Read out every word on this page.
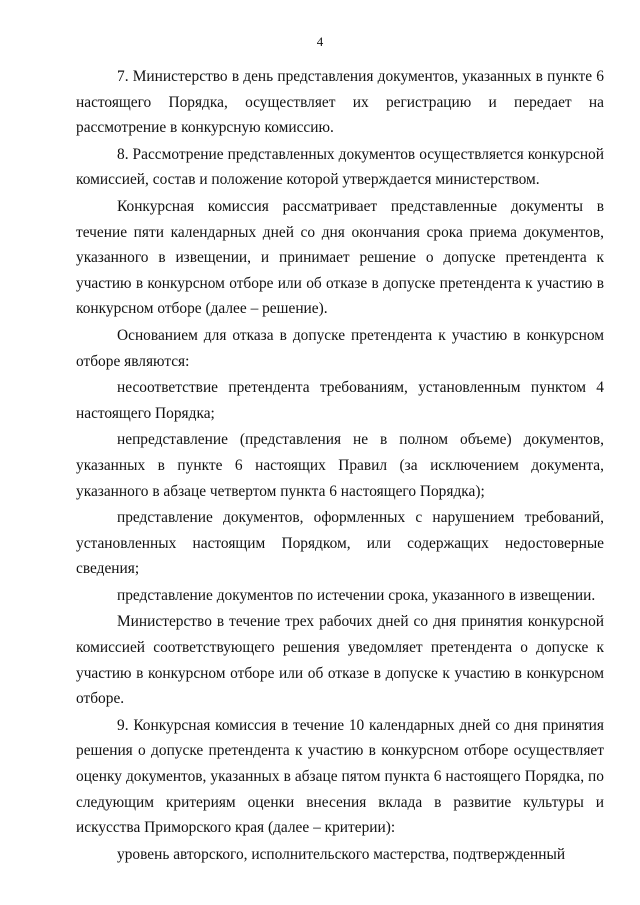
4

7. Министерство в день представления документов, указанных в пункте 6 настоящего Порядка, осуществляет их регистрацию и передает на рассмотрение в конкурсную комиссию.

8. Рассмотрение представленных документов осуществляется конкурсной комиссией, состав и положение которой утверждается министерством.

Конкурсная комиссия рассматривает представленные документы в течение пяти календарных дней со дня окончания срока приема документов, указанного в извещении, и принимает решение о допуске претендента к участию в конкурсном отборе или об отказе в допуске претендента к участию в конкурсном отборе (далее – решение).

Основанием для отказа в допуске претендента к участию в конкурсном отборе являются:

несоответствие претендента требованиям, установленным пунктом 4 настоящего Порядка;

непредставление (представления не в полном объеме) документов, указанных в пункте 6 настоящих Правил (за исключением документа, указанного в абзаце четвертом пункта 6 настоящего Порядка);

представление документов, оформленных с нарушением требований, установленных настоящим Порядком, или содержащих недостоверные сведения;

представление документов по истечении срока, указанного в извещении.

Министерство в течение трех рабочих дней со дня принятия конкурсной комиссией соответствующего решения уведомляет претендента о допуске к участию в конкурсном отборе или об отказе в допуске к участию в конкурсном отборе.

9. Конкурсная комиссия в течение 10 календарных дней со дня принятия решения о допуске претендента к участию в конкурсном отборе осуществляет оценку документов, указанных в абзаце пятом пункта 6 настоящего Порядка, по следующим критериям оценки внесения вклада в развитие культуры и искусства Приморского края (далее – критерии):

уровень авторского, исполнительского мастерства, подтвержденный
